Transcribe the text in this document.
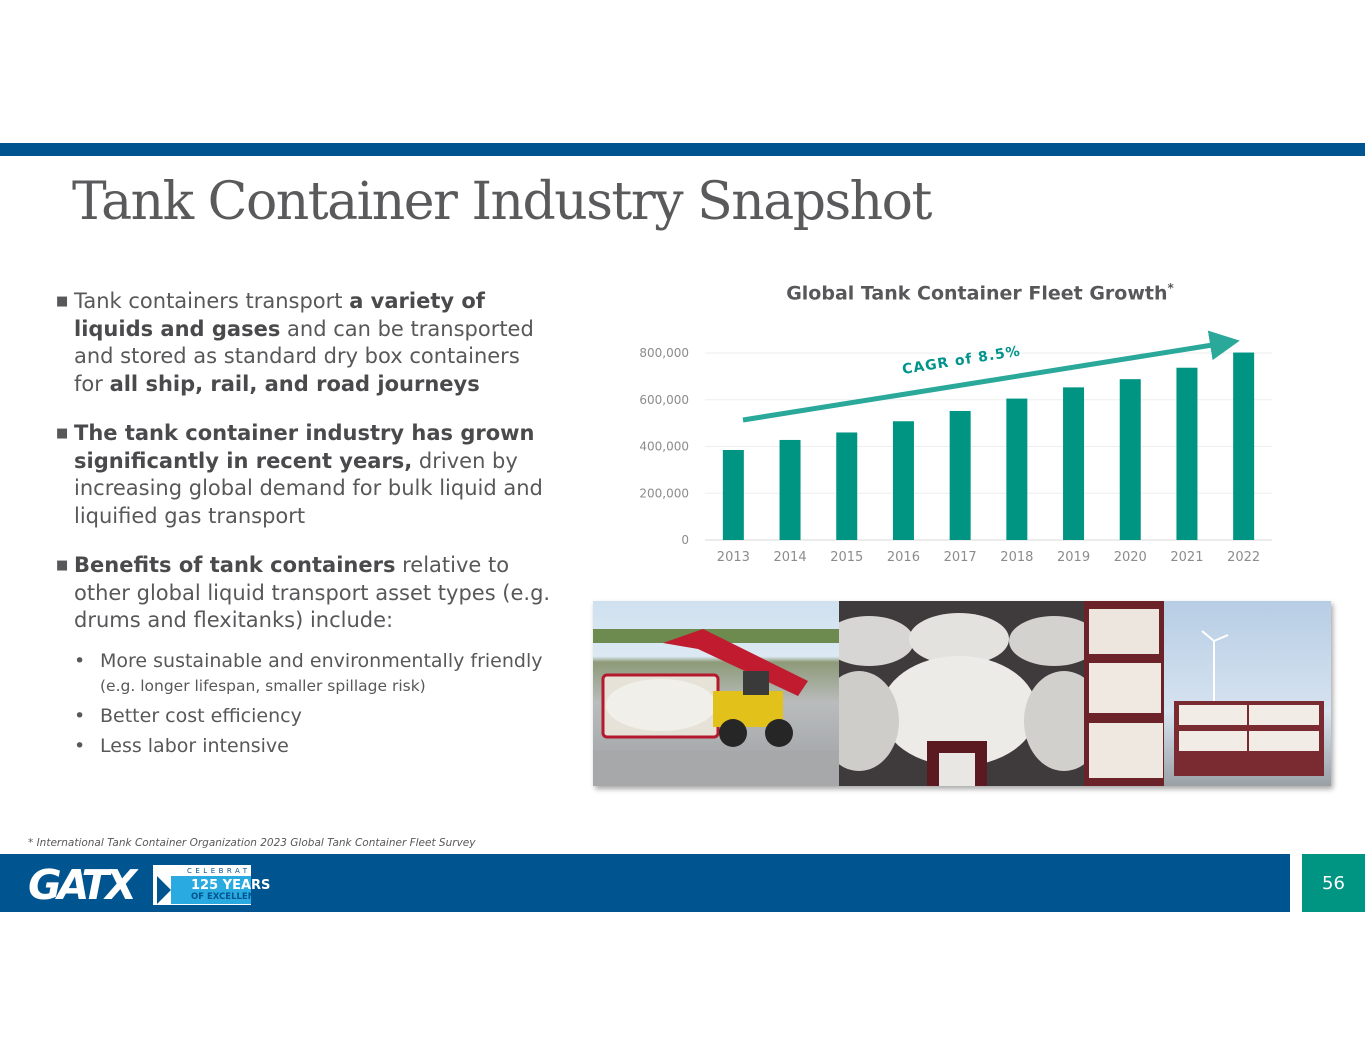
Tank Container Industry Snapshot
■ Tank containers transport a variety of liquids and gases and can be transported and stored as standard dry box containers for all ship, rail, and road journeys
■ The tank container industry has grown significantly in recent years, driven by increasing global demand for bulk liquid and liquified gas transport
■ Benefits of tank containers relative to other global liquid transport asset types (e.g. drums and flexitanks) include:
• More sustainable and environmentally friendly (e.g. longer lifespan, smaller spillage risk)
• Better cost efficiency
• Less labor intensive
Global Tank Container Fleet Growth*
0
200,000
400,000
600,000
800,000
2013 2014 2015 2016 2017 2018 2019 2020 2021 2022
CAGR of 8.5%
* International Tank Container Organization 2023 Global Tank Container Fleet Survey
GATX	CELEBRATING
125 YEARS
OF EXCELLENCE
56
